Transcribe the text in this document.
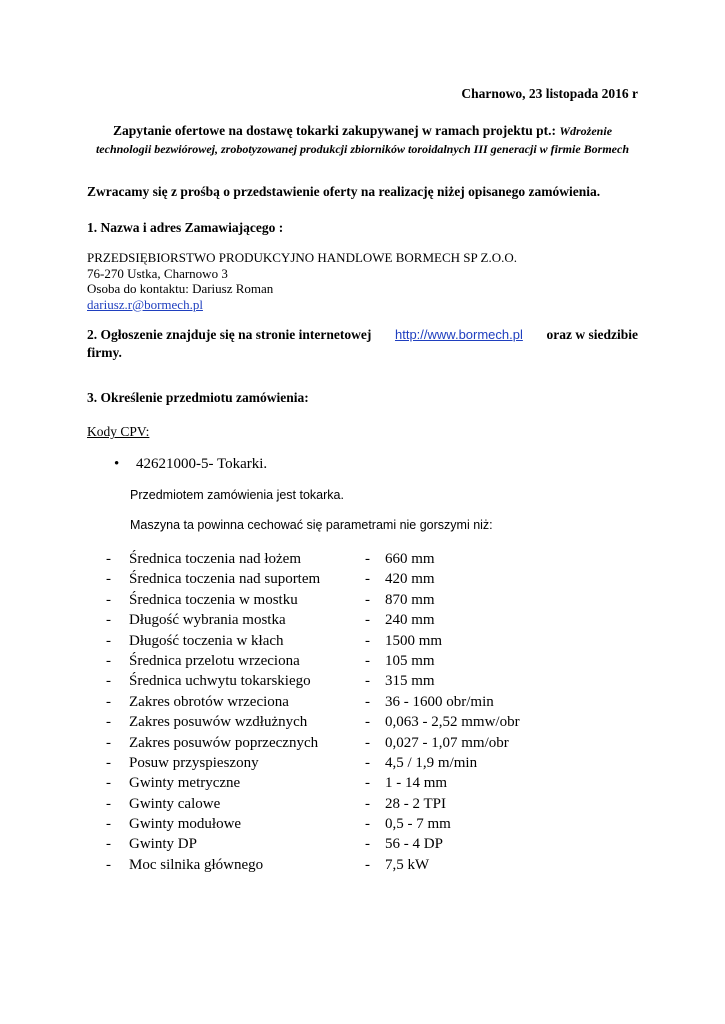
Charnowo, 23 listopada 2016 r
Zapytanie ofertowe na dostawę tokarki zakupywanej w ramach projektu pt.: Wdrożenie
technologii bezwiórowej, zrobotyzowanej produkcji zbiorników toroidalnych III generacji w firmie Bormech
Zwracamy się z prośbą o przedstawienie oferty na realizację niżej opisanego zamówienia.
1. Nazwa i adres Zamawiającego :
PRZEDSIĘBIORSTWO PRODUKCYJNO HANDLOWE BORMECH SP Z.O.O.
76-270 Ustka, Charnowo 3
Osoba do kontaktu: Dariusz Roman
dariusz.r@bormech.pl
2. Ogłoszenie znajduje się na stronie internetowej http://www.bormech.pl oraz w siedzibie
firmy.
3. Określenie przedmiotu zamówienia:
Kody CPV:
• 42621000-5- Tokarki.
Przedmiotem zamówienia jest tokarka.
Maszyna ta powinna cechować się parametrami nie gorszymi niż:
- Średnica toczenia nad łożem	- 660 mm
- Średnica toczenia nad suportem	- 420 mm
- Średnica toczenia w mostku	- 870 mm
- Długość wybrania mostka	- 240 mm
- Długość toczenia w kłach	- 1500 mm
- Średnica przelotu wrzeciona	- 105 mm
- Średnica uchwytu tokarskiego	- 315 mm
- Zakres obrotów wrzeciona	- 36 - 1600 obr/min
- Zakres posuwów wzdłużnych	- 0,063 - 2,52 mmw/obr
- Zakres posuwów poprzecznych	- 0,027 - 1,07 mm/obr
- Posuw przyspieszony	- 4,5 / 1,9 m/min
- Gwinty metryczne	- 1 - 14 mm
- Gwinty calowe	- 28 - 2 TPI
- Gwinty modułowe	- 0,5 - 7 mm
- Gwinty DP	- 56 - 4 DP
- Moc silnika głównego	- 7,5 kW
